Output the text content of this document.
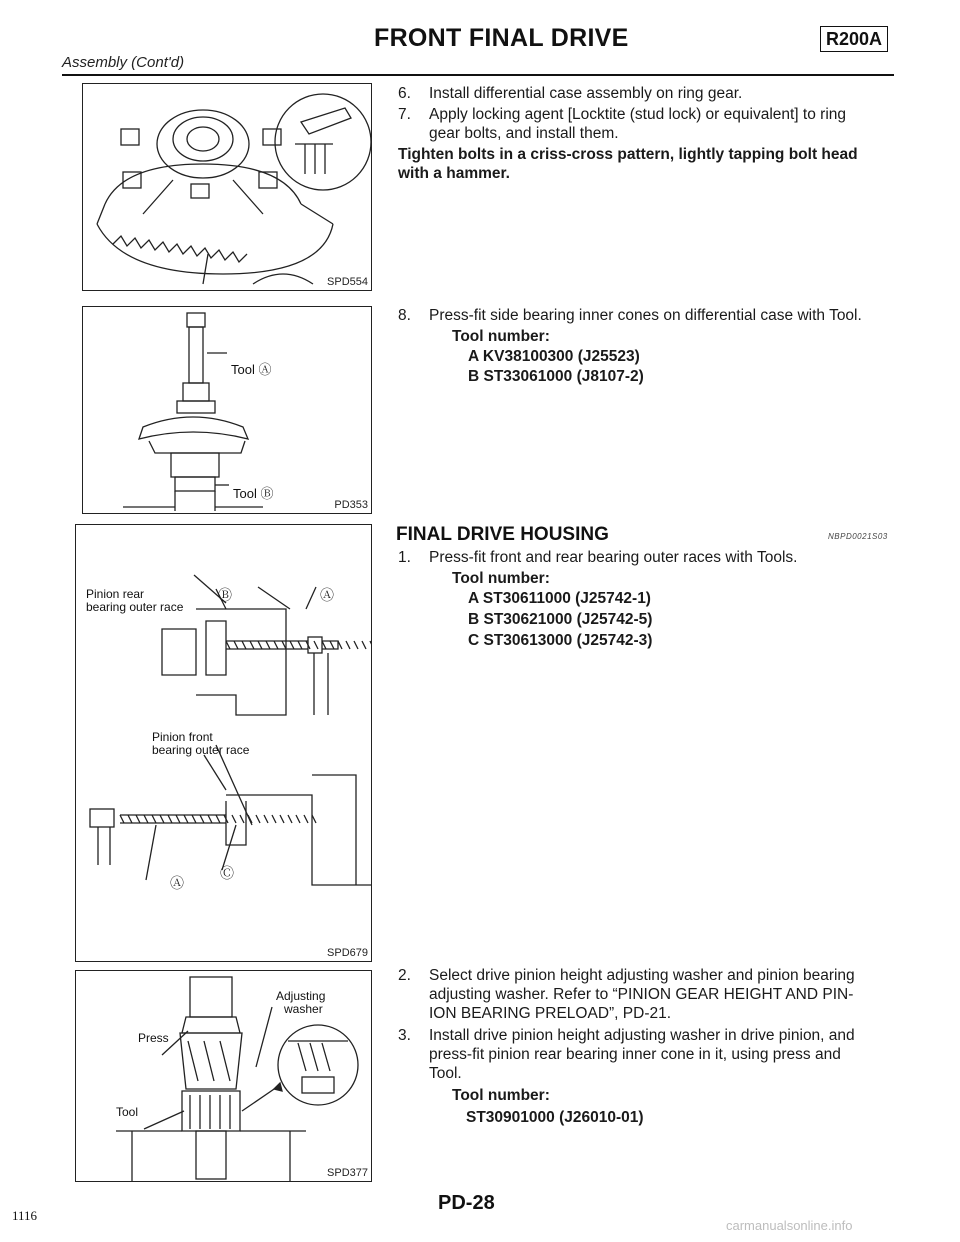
Assembly (Cont'd)
FRONT FINAL DRIVE	R200A
SPD554
Tool Ⓐ
Tool Ⓑ
PD353
Pinion rear
bearing outer race
Pinion front
bearing outer race
Ⓑ	Ⓐ
Ⓐ
Ⓒ
SPD679
Press
Tool
Adjusting
washer
SPD377
6. Install differential case assembly on ring gear.
7. Apply locking agent [Locktite (stud lock) or equivalent] to ring
gear bolts, and install them.
Tighten bolts in a criss-cross pattern, lightly tapping bolt head
with a hammer.
8. Press-fit side bearing inner cones on differential case with Tool.
Tool number:
A KV38100300 (J25523)
B ST33061000 (J8107-2)
FINAL DRIVE HOUSING	NBPD0021S03
1. Press-fit front and rear bearing outer races with Tools.
Tool number:
A ST30611000 (J25742-1)
B ST30621000 (J25742-5)
C ST30613000 (J25742-3)
2. Select drive pinion height adjusting washer and pinion bearing
adjusting washer. Refer to “PINION GEAR HEIGHT AND PIN-
ION BEARING PRELOAD”, PD-21.
3. Install drive pinion height adjusting washer in drive pinion, and
press-fit pinion rear bearing inner cone in it, using press and
Tool.
Tool number:
ST30901000 (J26010-01)
PD-28
1116
carmanualsonline.info
